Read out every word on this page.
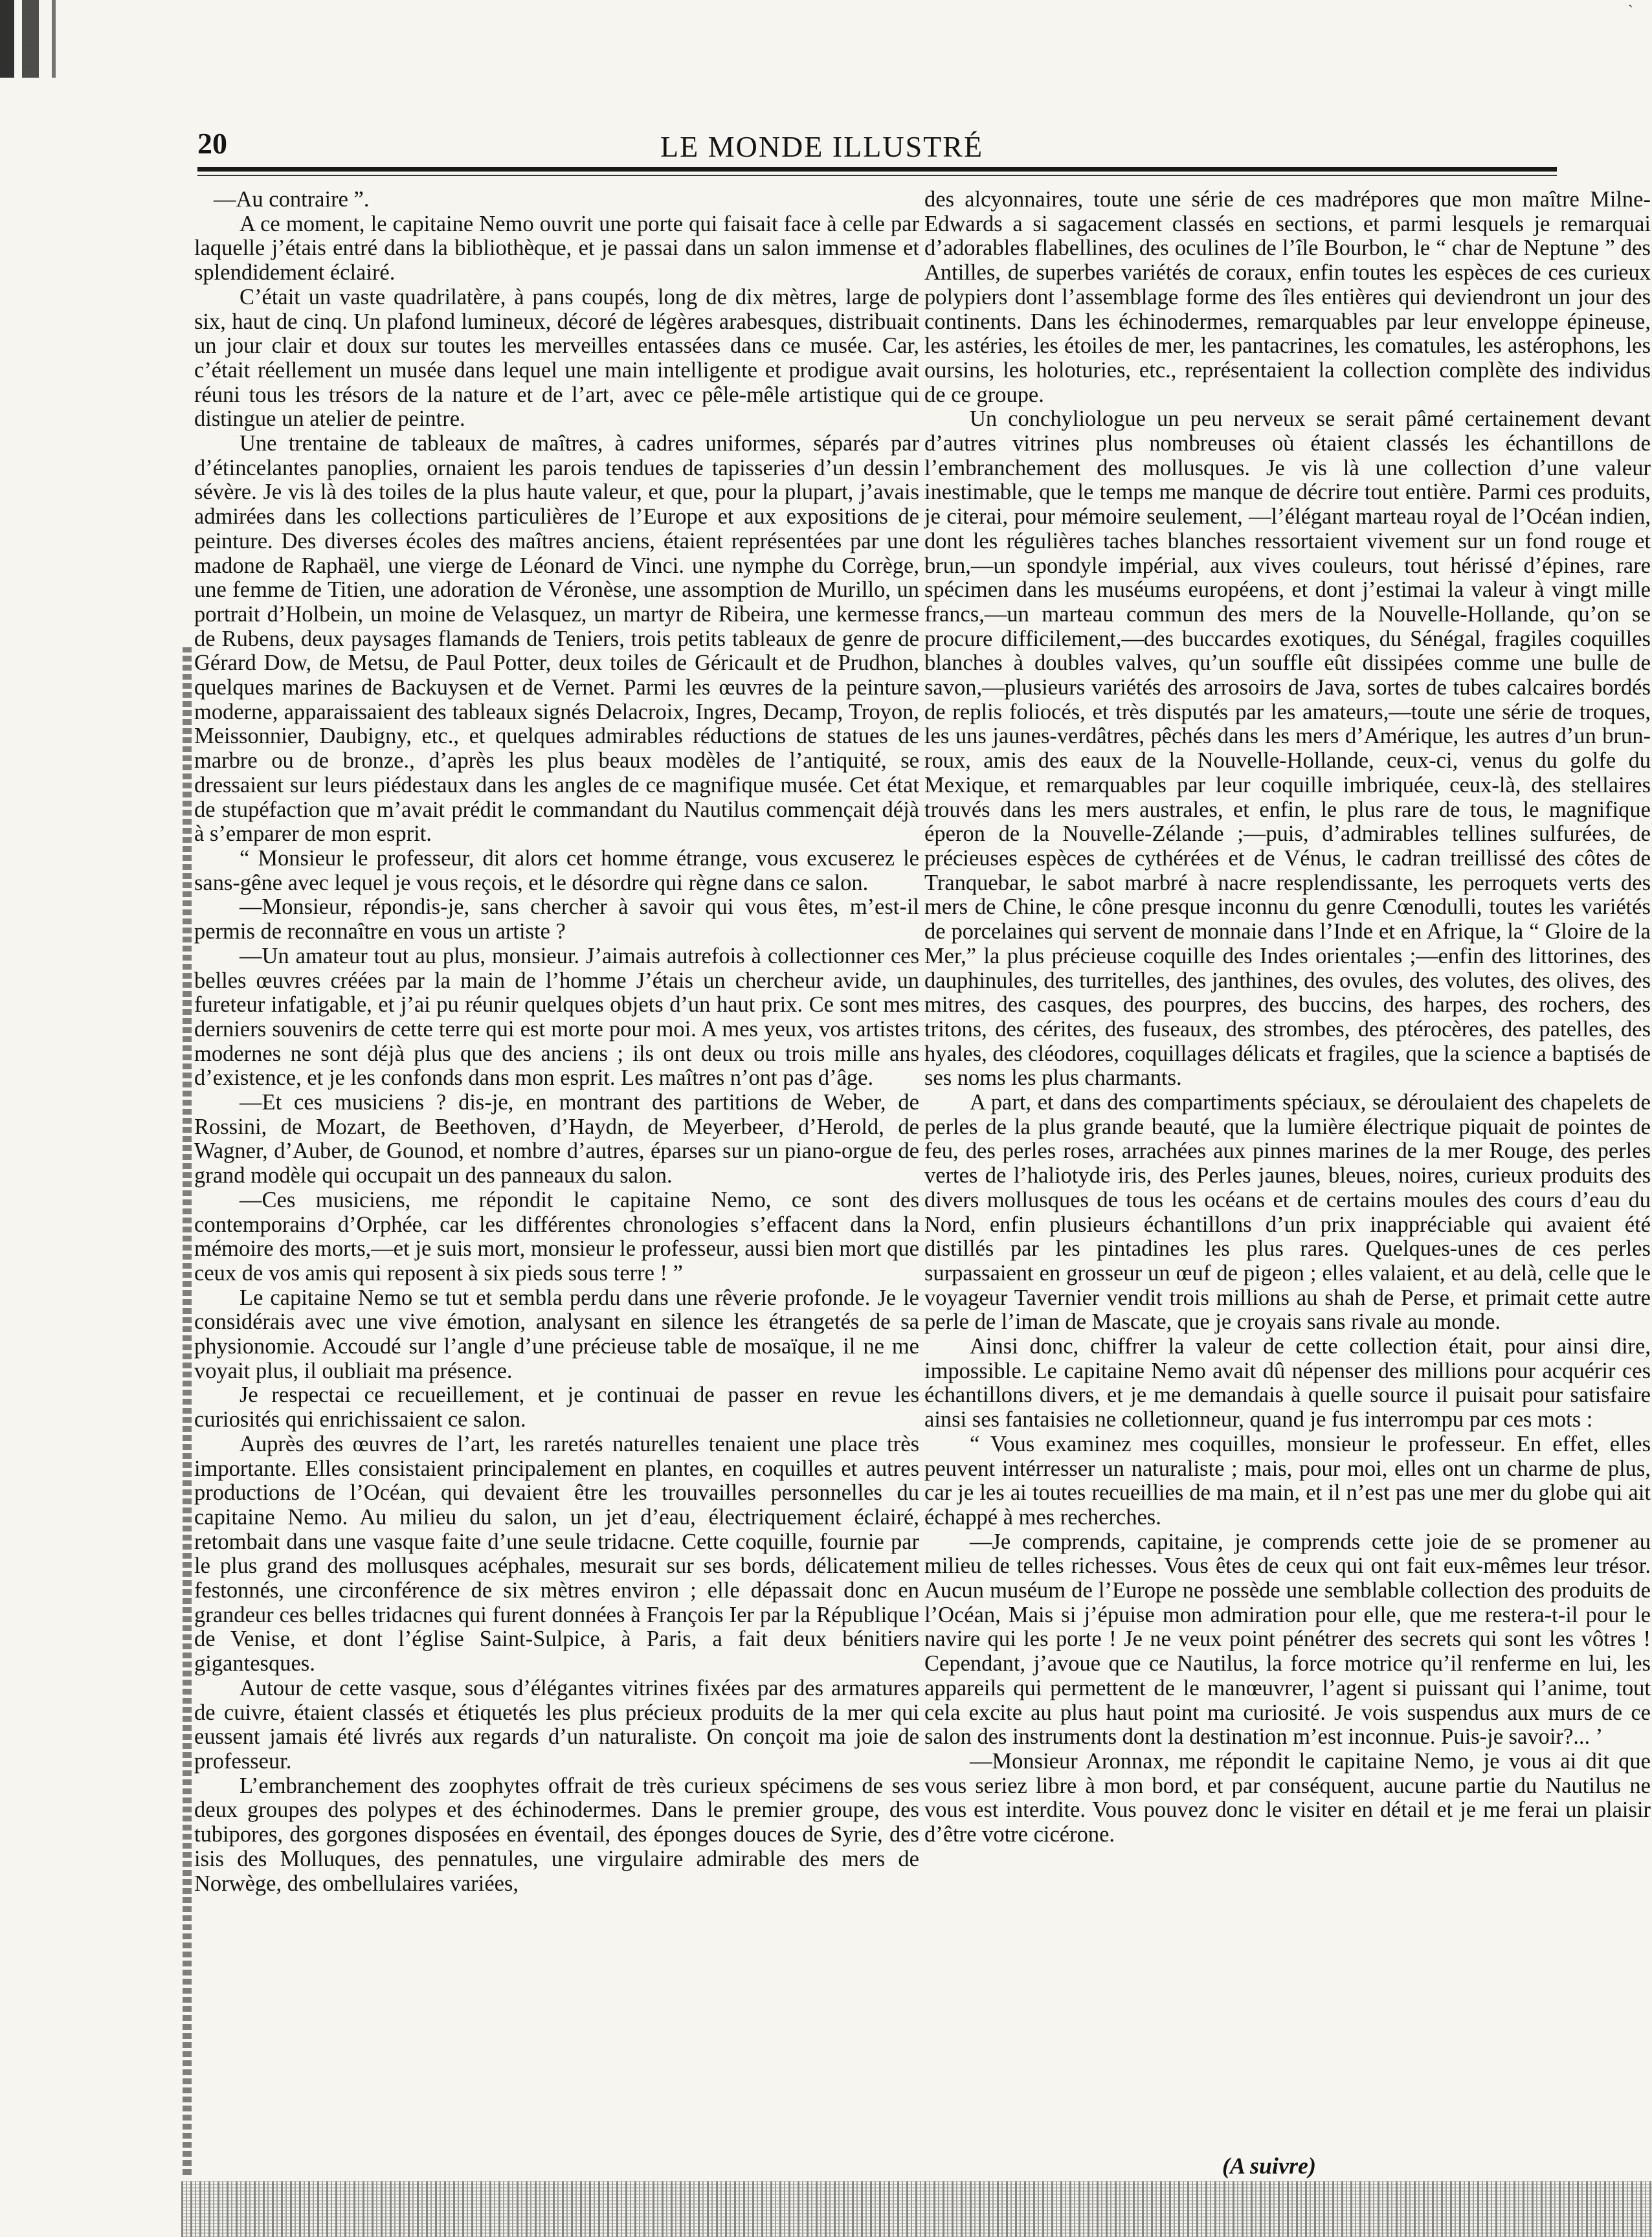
`
20	LE MONDE ILLUSTRÉ

—Au contraire ”.

A ce moment, le capitaine Nemo ouvrit une porte qui faisait face à celle par laquelle j’étais entré dans la bibliothèque, et je passai dans un salon immense et splendidement éclairé.

C’était un vaste quadrilatère, à pans coupés, long de dix mètres, large de six, haut de cinq. Un plafond lumineux, décoré de légères arabesques, distribuait un jour clair et doux sur toutes les merveilles entassées dans ce musée. Car, c’était réellement un musée dans lequel une main intelligente et prodigue avait réuni tous les trésors de la nature et de l’art, avec ce pêle-mêle artistique qui distingue un atelier de peintre.

Une trentaine de tableaux de maîtres, à cadres uniformes, séparés par d’étincelantes panoplies, ornaient les parois tendues de tapisseries d’un dessin sévère. Je vis là des toiles de la plus haute valeur, et que, pour la plupart, j’avais admirées dans les collections particulières de l’Europe et aux expositions de peinture. Des diverses écoles des maîtres anciens, étaient représentées par une madone de Raphaël, une vierge de Léonard de Vinci. une nymphe du Corrège, une femme de Titien, une adoration de Véronèse, une assomption de Murillo, un portrait d’Holbein, un moine de Velasquez, un martyr de Ribeira, une kermesse de Rubens, deux paysages flamands de Teniers, trois petits tableaux de genre de Gérard Dow, de Metsu, de Paul Potter, deux toiles de Géricault et de Prudhon, quelques marines de Backuysen et de Vernet. Parmi les œuvres de la peinture moderne, apparaissaient des tableaux signés Delacroix, Ingres, Decamp, Troyon, Meissonnier, Daubigny, etc., et quelques admirables réductions de statues de marbre ou de bronze., d’après les plus beaux modèles de l’antiquité, se dressaient sur leurs piédestaux dans les angles de ce magnifique musée. Cet état de stupéfaction que m’avait prédit le commandant du Nautilus commençait déjà à s’emparer de mon esprit.

“ Monsieur le professeur, dit alors cet homme étrange, vous excuserez le sans-gêne avec lequel je vous reçois, et le désordre qui règne dans ce salon.

—Monsieur, répondis-je, sans chercher à savoir qui vous êtes, m’est-il permis de reconnaître en vous un artiste ?

—Un amateur tout au plus, monsieur. J’aimais autrefois à collectionner ces belles œuvres créées par la main de l’homme J’étais un chercheur avide, un fureteur infatigable, et j’ai pu réunir quelques objets d’un haut prix. Ce sont mes derniers souvenirs de cette terre qui est morte pour moi. A mes yeux, vos artistes modernes ne sont déjà plus que des anciens ; ils ont deux ou trois mille ans d’existence, et je les confonds dans mon esprit. Les maîtres n’ont pas d’âge.

—Et ces musiciens ? dis-je, en montrant des partitions de Weber, de Rossini, de Mozart, de Beethoven, d’Haydn, de Meyerbeer, d’Herold, de Wagner, d’Auber, de Gounod, et nombre d’autres, éparses sur un piano-orgue de grand modèle qui occupait un des panneaux du salon.

—Ces musiciens, me répondit le capitaine Nemo, ce sont des contemporains d’Orphée, car les différentes chronologies s’effacent dans la mémoire des morts,—et je suis mort, monsieur le professeur, aussi bien mort que ceux de vos amis qui reposent à six pieds sous terre ! ”

Le capitaine Nemo se tut et sembla perdu dans une rêverie profonde. Je le considérais avec une vive émotion, analysant en silence les étrangetés de sa physionomie. Accoudé sur l’angle d’une précieuse table de mosaïque, il ne me voyait plus, il oubliait ma présence.

Je respectai ce recueillement, et je continuai de passer en revue les curiosités qui enrichissaient ce salon.

Auprès des œuvres de l’art, les raretés naturelles tenaient une place très importante. Elles consistaient principalement en plantes, en coquilles et autres productions de l’Océan, qui devaient être les trouvailles personnelles du capitaine Nemo. Au milieu du salon, un jet d’eau, électriquement éclairé, retombait dans une vasque faite d’une seule tridacne. Cette coquille, fournie par le plus grand des mollusques acéphales, mesurait sur ses bords, délicatement festonnés, une circonférence de six mètres environ ; elle dépassait donc en grandeur ces belles tridacnes qui furent données à François Ier par la République de Venise, et dont l’église Saint-Sulpice, à Paris, a fait deux bénitiers gigantesques.

Autour de cette vasque, sous d’élégantes vitrines fixées par des armatures de cuivre, étaient classés et étiquetés les plus précieux produits de la mer qui eussent jamais été livrés aux regards d’un naturaliste. On conçoit ma joie de professeur.

L’embranchement des zoophytes offrait de très curieux spécimens de ses deux groupes des polypes et des échinodermes. Dans le premier groupe, des tubipores, des gorgones disposées en éventail, des éponges douces de Syrie, des isis des Molluques, des pennatules, une virgulaire admirable des mers de Norwège, des ombellulaires variées,

des alcyonnaires, toute une série de ces madrépores que mon maître Milne-Edwards a si sagacement classés en sections, et parmi lesquels je remarquai d’adorables flabellines, des oculines de l’île Bourbon, le “ char de Neptune ” des Antilles, de superbes variétés de coraux, enfin toutes les espèces de ces curieux polypiers dont l’assemblage forme des îles entières qui deviendront un jour des continents. Dans les échinodermes, remarquables par leur enveloppe épineuse, les astéries, les étoiles de mer, les pantacrines, les comatules, les astérophons, les oursins, les holoturies, etc., représentaient la collection complète des individus de ce groupe.

Un conchyliologue un peu nerveux se serait pâmé certainement devant d’autres vitrines plus nombreuses où étaient classés les échantillons de l’embranchement des mollusques. Je vis là une collection d’une valeur inestimable, que le temps me manque de décrire tout entière. Parmi ces produits, je citerai, pour mémoire seulement, —l’élégant marteau royal de l’Océan indien, dont les régulières taches blanches ressortaient vivement sur un fond rouge et brun,—un spondyle impérial, aux vives couleurs, tout hérissé d’épines, rare spécimen dans les muséums européens, et dont j’estimai la valeur à vingt mille francs,—un marteau commun des mers de la Nouvelle-Hollande, qu’on se procure difficilement,—des buccardes exotiques, du Sénégal, fragiles coquilles blanches à doubles valves, qu’un souffle eût dissipées comme une bulle de savon,—plusieurs variétés des arrosoirs de Java, sortes de tubes calcaires bordés de replis foliocés, et très disputés par les amateurs,—toute une série de troques, les uns jaunes-verdâtres, pêchés dans les mers d’Amérique, les autres d’un brun-roux, amis des eaux de la Nouvelle-Hollande, ceux-ci, venus du golfe du Mexique, et remarquables par leur coquille imbriquée, ceux-là, des stellaires trouvés dans les mers australes, et enfin, le plus rare de tous, le magnifique éperon de la Nouvelle-Zélande ;—puis, d’admirables tellines sulfurées, de précieuses espèces de cythérées et de Vénus, le cadran treillissé des côtes de Tranquebar, le sabot marbré à nacre resplendissante, les perroquets verts des mers de Chine, le cône presque inconnu du genre Cœnodulli, toutes les variétés de porcelaines qui servent de monnaie dans l’Inde et en Afrique, la “ Gloire de la Mer,” la plus précieuse coquille des Indes orientales ;—enfin des littorines, des dauphinules, des turritelles, des janthines, des ovules, des volutes, des olives, des mitres, des casques, des pourpres, des buccins, des harpes, des rochers, des tritons, des cérites, des fuseaux, des strombes, des ptérocères, des patelles, des hyales, des cléodores, coquillages délicats et fragiles, que la science a baptisés de ses noms les plus charmants.

A part, et dans des compartiments spéciaux, se déroulaient des chapelets de perles de la plus grande beauté, que la lumière électrique piquait de pointes de feu, des perles roses, arrachées aux pinnes marines de la mer Rouge, des perles vertes de l’haliotyde iris, des Perles jaunes, bleues, noires, curieux produits des divers mollusques de tous les océans et de certains moules des cours d’eau du Nord, enfin plusieurs échantillons d’un prix inappréciable qui avaient été distillés par les pintadines les plus rares. Quelques-unes de ces perles surpassaient en grosseur un œuf de pigeon ; elles valaient, et au delà, celle que le voyageur Tavernier vendit trois millions au shah de Perse, et primait cette autre perle de l’iman de Mascate, que je croyais sans rivale au monde.

Ainsi donc, chiffrer la valeur de cette collection était, pour ainsi dire, impossible. Le capitaine Nemo avait dû népenser des millions pour acquérir ces échantillons divers, et je me demandais à quelle source il puisait pour satisfaire ainsi ses fantaisies ne colletionneur, quand je fus interrompu par ces mots :

“ Vous examinez mes coquilles, monsieur le professeur. En effet, elles peuvent intérresser un naturaliste ; mais, pour moi, elles ont un charme de plus, car je les ai toutes recueillies de ma main, et il n’est pas une mer du globe qui ait échappé à mes recherches.

—Je comprends, capitaine, je comprends cette joie de se promener au milieu de telles richesses. Vous êtes de ceux qui ont fait eux-mêmes leur trésor. Aucun muséum de l’Europe ne possède une semblable collection des produits de l’Océan, Mais si j’épuise mon admiration pour elle, que me restera-t-il pour le navire qui les porte ! Je ne veux point pénétrer des secrets qui sont les vôtres ! Cependant, j’avoue que ce Nautilus, la force motrice qu’il renferme en lui, les appareils qui permettent de le manœuvrer, l’agent si puissant qui l’anime, tout cela excite au plus haut point ma curiosité. Je vois suspendus aux murs de ce salon des instruments dont la destination m’est inconnue. Puis-je savoir?... ’

—Monsieur Aronnax, me répondit le capitaine Nemo, je vous ai dit que vous seriez libre à mon bord, et par conséquent, aucune partie du Nautilus ne vous est interdite. Vous pouvez donc le visiter en détail et je me ferai un plaisir d’être votre cicérone.

(A suivre)
